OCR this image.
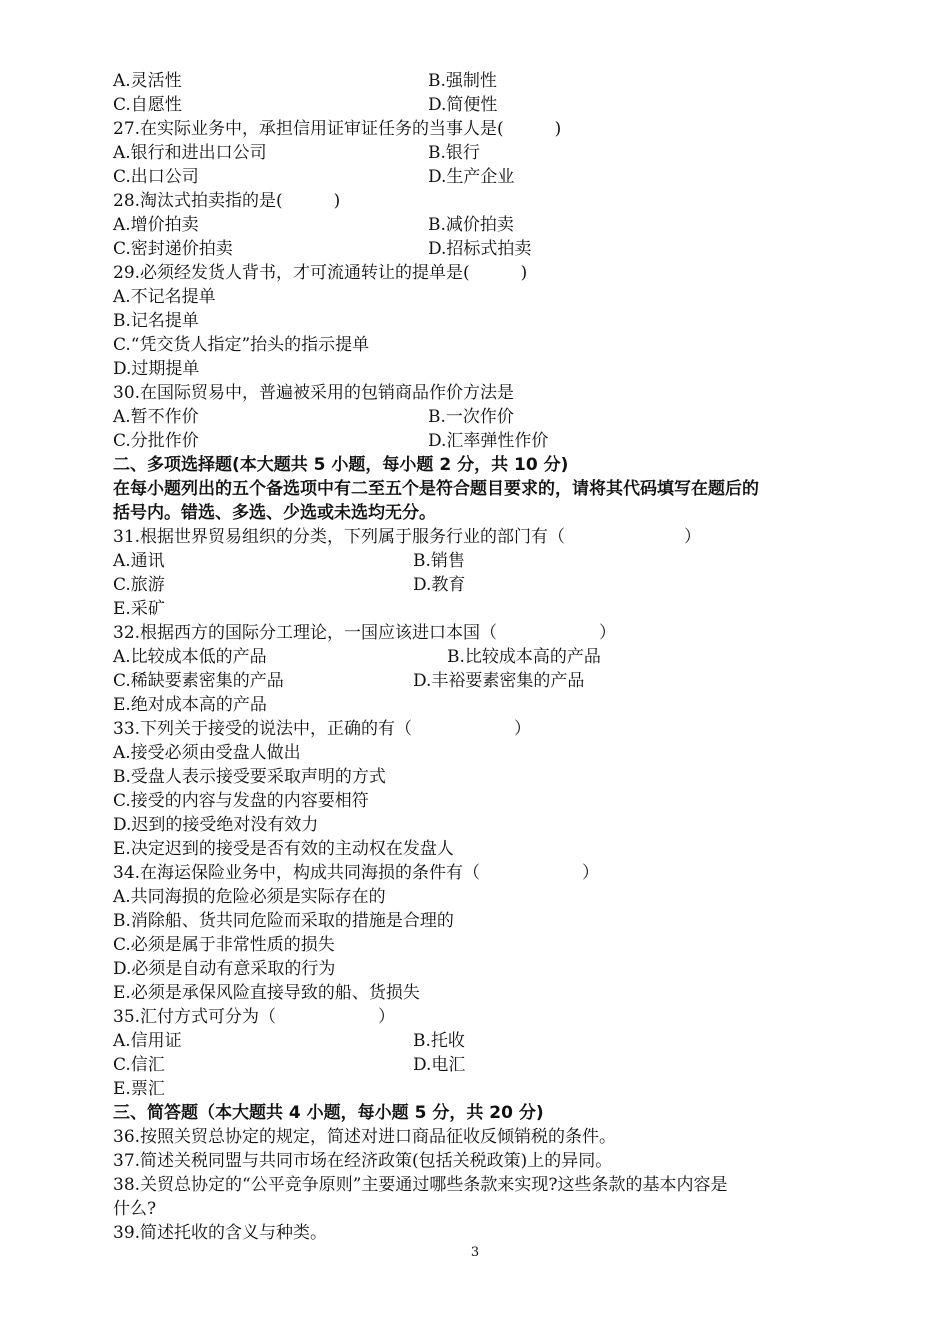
A.灵活性	B.强制性
C.自愿性	D.简便性
27.在实际业务中，承担信用证审证任务的当事人是(　　　)
A.银行和进出口公司	B.银行
C.出口公司	D.生产企业
28.淘汰式拍卖指的是(　　　)
A.增价拍卖	B.减价拍卖
C.密封递价拍卖	D.招标式拍卖
29.必须经发货人背书，才可流通转让的提单是(　　　)
A.不记名提单
B.记名提单
C.“凭交货人指定”抬头的指示提单
D.过期提单
30.在国际贸易中，普遍被采用的包销商品作价方法是
A.暂不作价	B.一次作价
C.分批作价	D.汇率弹性作价
二、多项选择题(本大题共 5 小题，每小题 2 分，共 10 分)
在每小题列出的五个备选项中有二至五个是符合题目要求的，请将其代码填写在题后的
括号内。错选、多选、少选或未选均无分。
31.根据世界贸易组织的分类，下列属于服务行业的部门有（　　　　　　　）
A.通讯	B.销售
C.旅游	D.教育
E.采矿
32.根据西方的国际分工理论，一国应该进口本国（　　　　　　）
A.比较成本低的产品	B.比较成本高的产品
C.稀缺要素密集的产品	D.丰裕要素密集的产品
E.绝对成本高的产品
33.下列关于接受的说法中，正确的有（　　　　　　）
A.接受必须由受盘人做出
B.受盘人表示接受要采取声明的方式
C.接受的内容与发盘的内容要相符
D.迟到的接受绝对没有效力
E.决定迟到的接受是否有效的主动权在发盘人
34.在海运保险业务中，构成共同海损的条件有（　　　　　　）
A.共同海损的危险必须是实际存在的
B.消除船、货共同危险而采取的措施是合理的
C.必须是属于非常性质的损失
D.必须是自动有意采取的行为
E.必须是承保风险直接导致的船、货损失
35.汇付方式可分为（　　　　　　）
A.信用证	B.托收
C.信汇	D.电汇
E.票汇
三、简答题（本大题共 4 小题，每小题 5 分，共 20 分)
36.按照关贸总协定的规定，简述对进口商品征收反倾销税的条件。
37.简述关税同盟与共同市场在经济政策(包括关税政策)上的异同。
38.关贸总协定的“公平竞争原则”主要通过哪些条款来实现?这些条款的基本内容是
什么?
39.简述托收的含义与种类。
3
